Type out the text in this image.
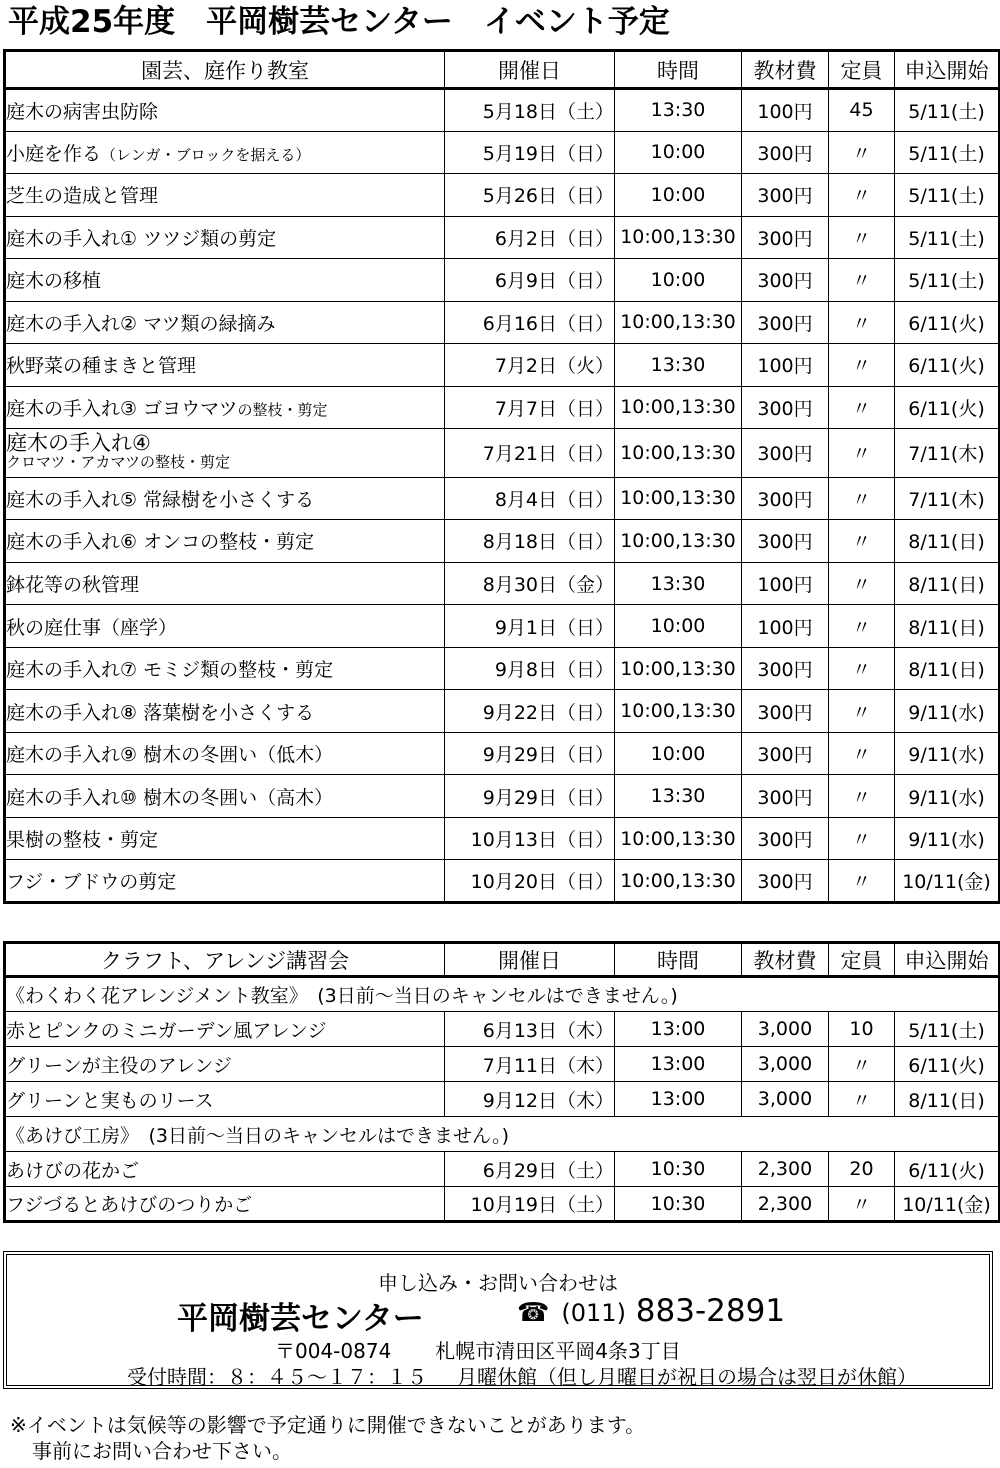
平成25年度　平岡樹芸センター　イベント予定
園芸、庭作り教室	開催日	時間	教材費	定員	申込開始
庭木の病害虫防除	5月18日（土）	13:30	100円	45	5/11(土)
小庭を作る（レンガ・ブロックを据える）	5月19日（日）	10:00	300円	〃	5/11(土)
芝生の造成と管理	5月26日（日）	10:00	300円	〃	5/11(土)
庭木の手入れ① ツツジ類の剪定	6月2日（日）	10:00,13:30	300円	〃	5/11(土)
庭木の移植	6月9日（日）	10:00	300円	〃	5/11(土)
庭木の手入れ② マツ類の緑摘み	6月16日（日）	10:00,13:30	300円	〃	6/11(火)
秋野菜の種まきと管理	7月2日（火）	13:30	100円	〃	6/11(火)
庭木の手入れ③ ゴヨウマツの整枝・剪定	7月7日（日）	10:00,13:30	300円	〃	6/11(火)

庭木の手入れ④
クロマツ・アカマツの整枝・剪定	7月21日（日）	10:00,13:30	300円	〃	7/11(木)
庭木の手入れ⑤ 常緑樹を小さくする	8月4日（日）	10:00,13:30	300円	〃	7/11(木)
庭木の手入れ⑥ オンコの整枝・剪定	8月18日（日）	10:00,13:30	300円	〃	8/11(日)
鉢花等の秋管理	8月30日（金）	13:30	100円	〃	8/11(日)
秋の庭仕事（座学）	9月1日（日）	10:00	100円	〃	8/11(日)
庭木の手入れ⑦ モミジ類の整枝・剪定	9月8日（日）	10:00,13:30	300円	〃	8/11(日)
庭木の手入れ⑧ 落葉樹を小さくする	9月22日（日）	10:00,13:30	300円	〃	9/11(水)
庭木の手入れ⑨ 樹木の冬囲い（低木）	9月29日（日）	10:00	300円	〃	9/11(水)
庭木の手入れ⑩ 樹木の冬囲い（高木）	9月29日（日）	13:30	300円	〃	9/11(水)
果樹の整枝・剪定	10月13日（日）	10:00,13:30	300円	〃	9/11(水)
フジ・ブドウの剪定	10月20日（日）	10:00,13:30	300円	〃	10/11(金)
クラフト、アレンジ講習会	開催日	時間	教材費	定員	申込開始
《わくわく花アレンジメント教室》　(3日前～当日のキャンセルはできません。)					
赤とピンクのミニガーデン風アレンジ	6月13日（木）	13:00	3,000	10	5/11(土)
グリーンが主役のアレンジ	7月11日（木）	13:00	3,000	〃	6/11(火)
グリーンと実ものリース	9月12日（木）	13:00	3,000	〃	8/11(日)
《あけび工房》　(3日前～当日のキャンセルはできません。)					
あけびの花かご	6月29日（土）	10:30	2,300	20	6/11(火)
フジづるとあけびのつりかご	10月19日（土）	10:30	2,300	〃	10/11(金)
申し込み・お問い合わせは
平岡樹芸センター	☎ (011) 883-2891
〒004-0874 札幌市清田区平岡4条3丁目
受付時間：８：４５～１７：１５ 月曜休館（但し月曜日が祝日の場合は翌日が休館）
※イベントは気候等の影響で予定通りに開催できないことがあります。
事前にお問い合わせ下さい。
